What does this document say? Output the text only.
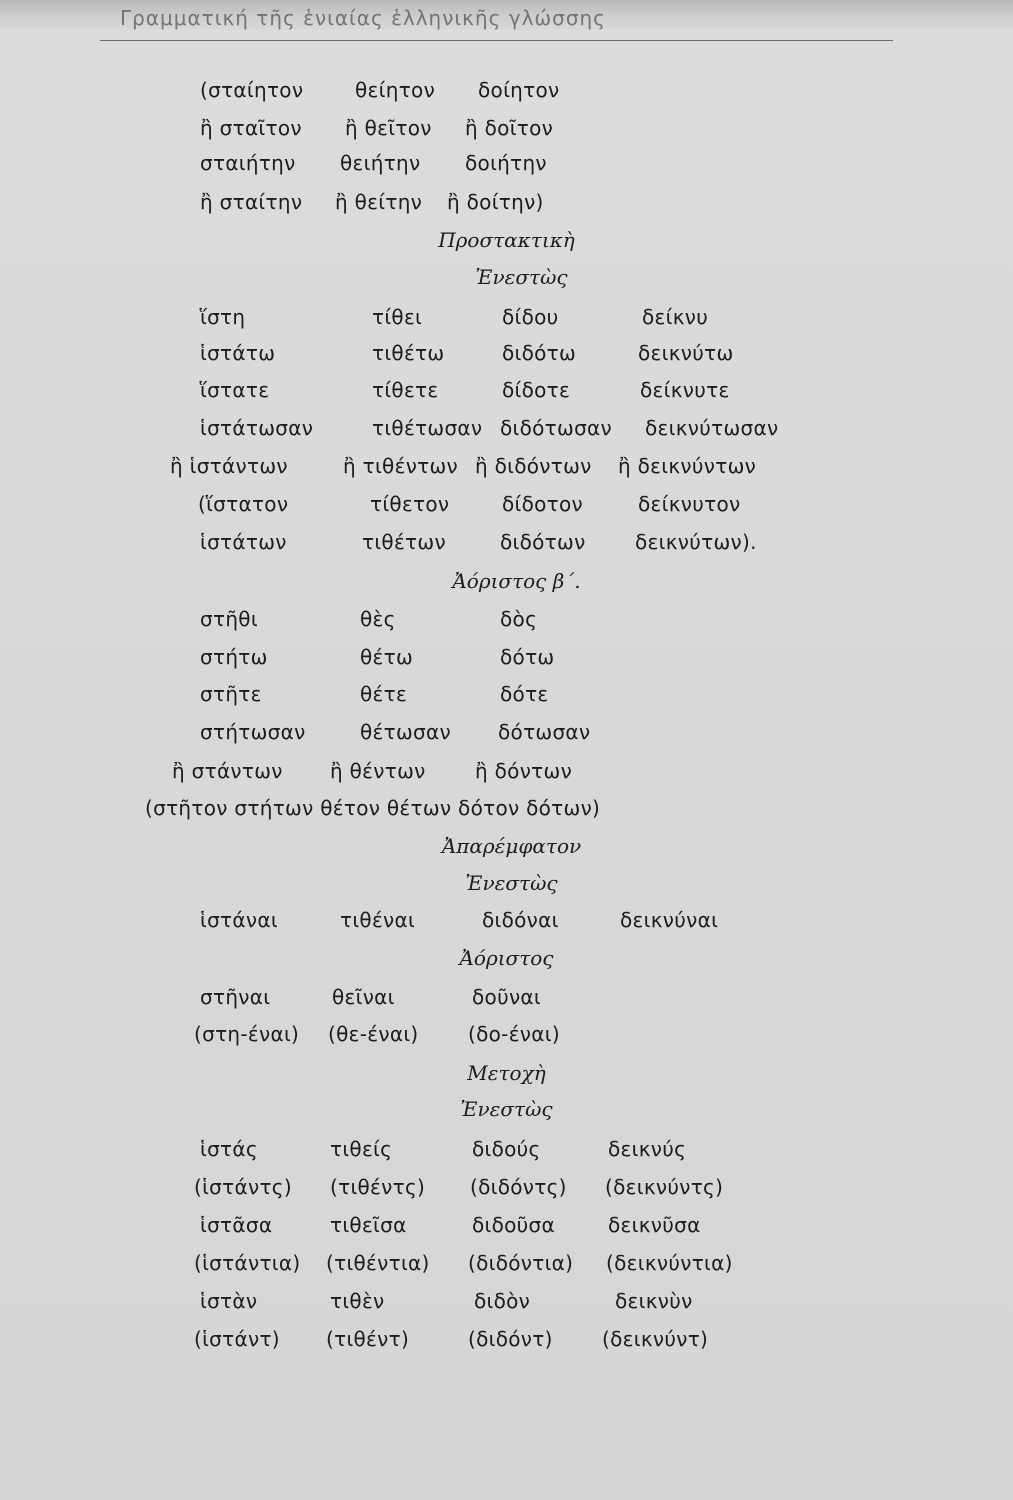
Γραμματική τῆς ἑνιαίας ἑλληνικῆς γλώσσης
(σταίητον	θείητον δοίητον
ἢ σταῖτον ἢ θεῖτον ἢ δοῖτον
σταιήτην θειήτην δοιήτην
ἢ σταίτην ἢ θείτην ἢ δοίτην)
Προστακτικὴ
Ἐνεστὼς
ἵστη	τίθει	δίδου	δείκνυ
ἱστάτω	τιθέτω	διδότω	δεικνύτω
ἵστατε	τίθετε	δίδοτε	δείκνυτε
ἱστάτωσαν	τιθέτωσαν διδότωσαν δεικνύτωσαν
ἢ ἱστάντων	ἢ τιθέντων ἢ διδόντων ἢ δεικνύντων
(ἵστατον	τίθετον	δίδοτον	δείκνυτον
ἱστάτων	τιθέτων	διδότων δεικνύτων).
Ἀόριστος β΄.
στῆθι	θὲς	δὸς
στήτω	θέτω	δότω
στῆτε	θέτε	δότε
στήτωσαν	θέτωσαν δότωσαν
ἢ στάντων ἢ θέντων ἢ δόντων
(στῆτον στήτων θέτον θέτων δότον δότων)
Ἀπαρέμφατον
Ἐνεστὼς
ἱστάναι	τιθέναι	διδόναι	δεικνύναι
Ἀόριστος
στῆναι	θεῖναι	δοῦναι
(στη-έναι) (θε-έναι) (δο-έναι)
Μετοχὴ
Ἐνεστὼς
ἱστάς	τιθείς	διδούς	δεικνύς
(ἱστάντς) (τιθέντς) (διδόντς) (δεικνύντς)
ἱστᾶσα	τιθεῖσα	διδοῦσα	δεικνῦσα
(ἱστάντια) (τιθέντια) (διδόντια) (δεικνύντια)
ἱστὰν	τιθὲν	διδὸν	δεικνὺν
(ἱστάντ) (τιθέντ)	(διδόντ) (δεικνύντ)
